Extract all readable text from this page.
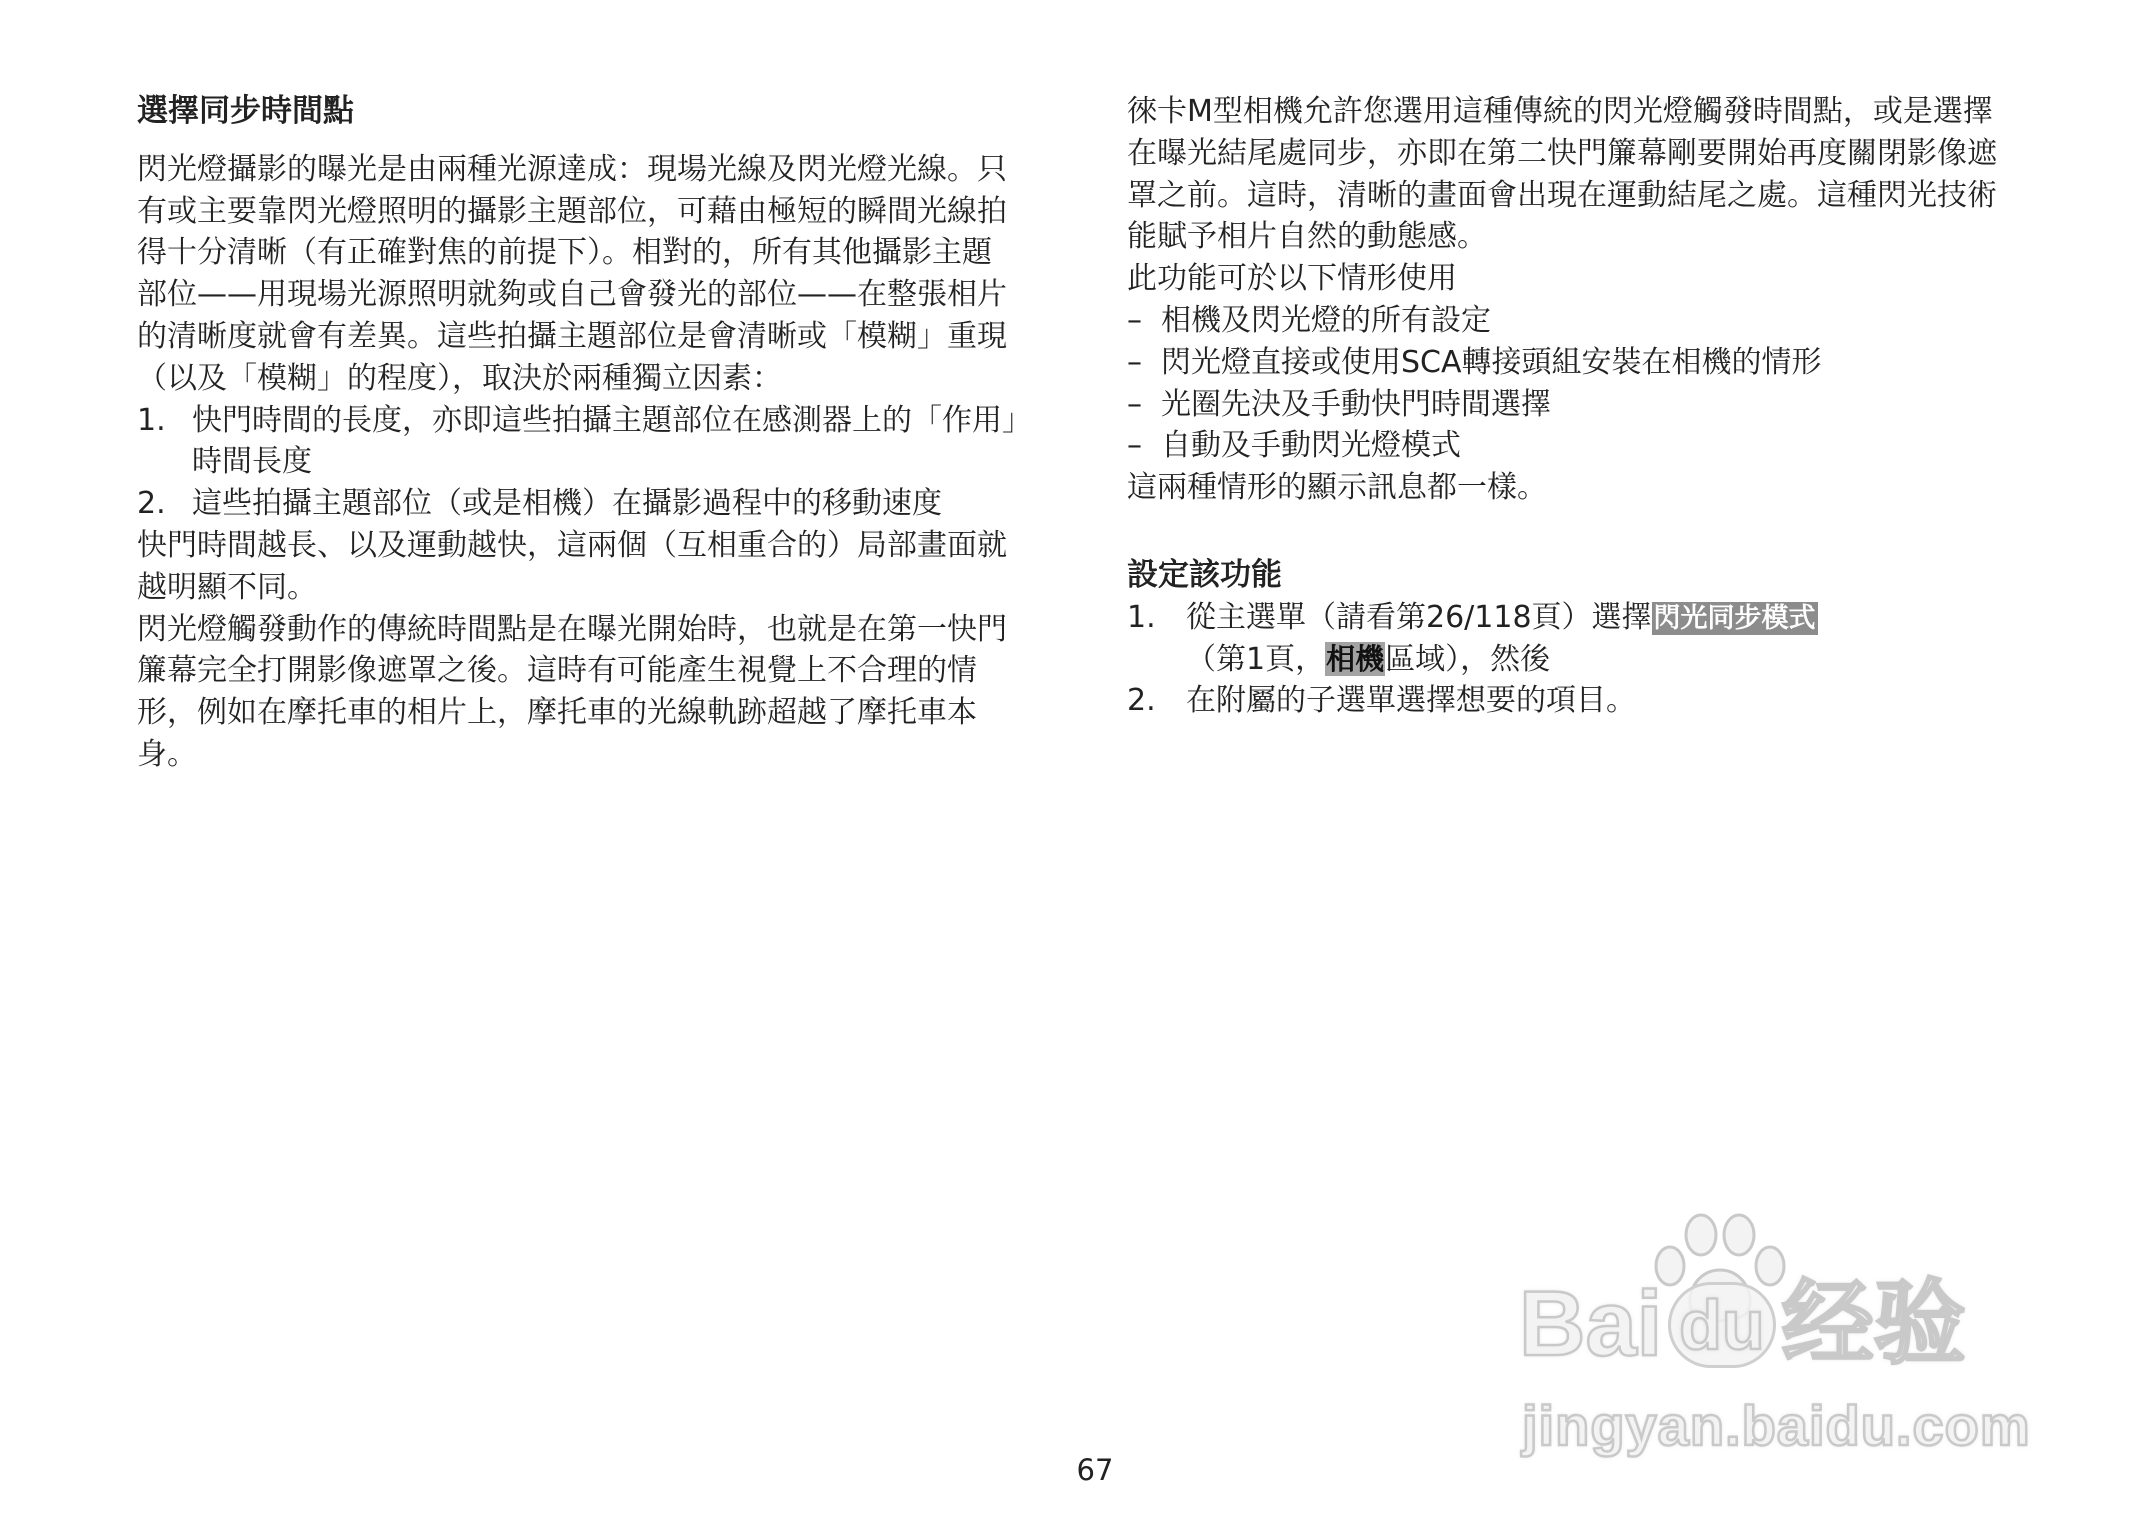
選擇同步時間點
閃光燈攝影的曝光是由兩種光源達成：現場光線及閃光燈光線。只
有或主要靠閃光燈照明的攝影主題部位，可藉由極短的瞬間光線拍
得十分清晰（有正確對焦的前提下）。相對的，所有其他攝影主題
部位——用現場光源照明就夠或自己會發光的部位——在整張相片
的清晰度就會有差異。這些拍攝主題部位是會清晰或「模糊」重現
（以及「模糊」的程度），取決於兩種獨立因素：
1. 快門時間的長度，亦即這些拍攝主題部位在感測器上的「作用」
時間長度
2. 這些拍攝主題部位（或是相機）在攝影過程中的移動速度
快門時間越長、以及運動越快，這兩個（互相重合的）局部畫面就
越明顯不同。
閃光燈觸發動作的傳統時間點是在曝光開始時，也就是在第一快門
簾幕完全打開影像遮罩之後。這時有可能產生視覺上不合理的情
形，例如在摩托車的相片上，摩托車的光線軌跡超越了摩托車本
身。
徠卡M型相機允許您選用這種傳統的閃光燈觸發時間點，或是選擇
在曝光結尾處同步，亦即在第二快門簾幕剛要開始再度關閉影像遮
罩之前。這時，清晰的畫面會出現在運動結尾之處。這種閃光技術
能賦予相片自然的動態感。
此功能可於以下情形使用
– 相機及閃光燈的所有設定
– 閃光燈直接或使用SCA轉接頭組安裝在相機的情形
– 光圈先決及手動快門時間選擇
– 自動及手動閃光燈模式
這兩種情形的顯示訊息都一樣。
設定該功能
1.	從主選單（請看第26/118頁）選擇閃光同步模式
（第1頁，相機區域），然後
2.	在附屬的子選單選擇想要的項目。
67
Bai du 经验
jingyan.baidu.com
